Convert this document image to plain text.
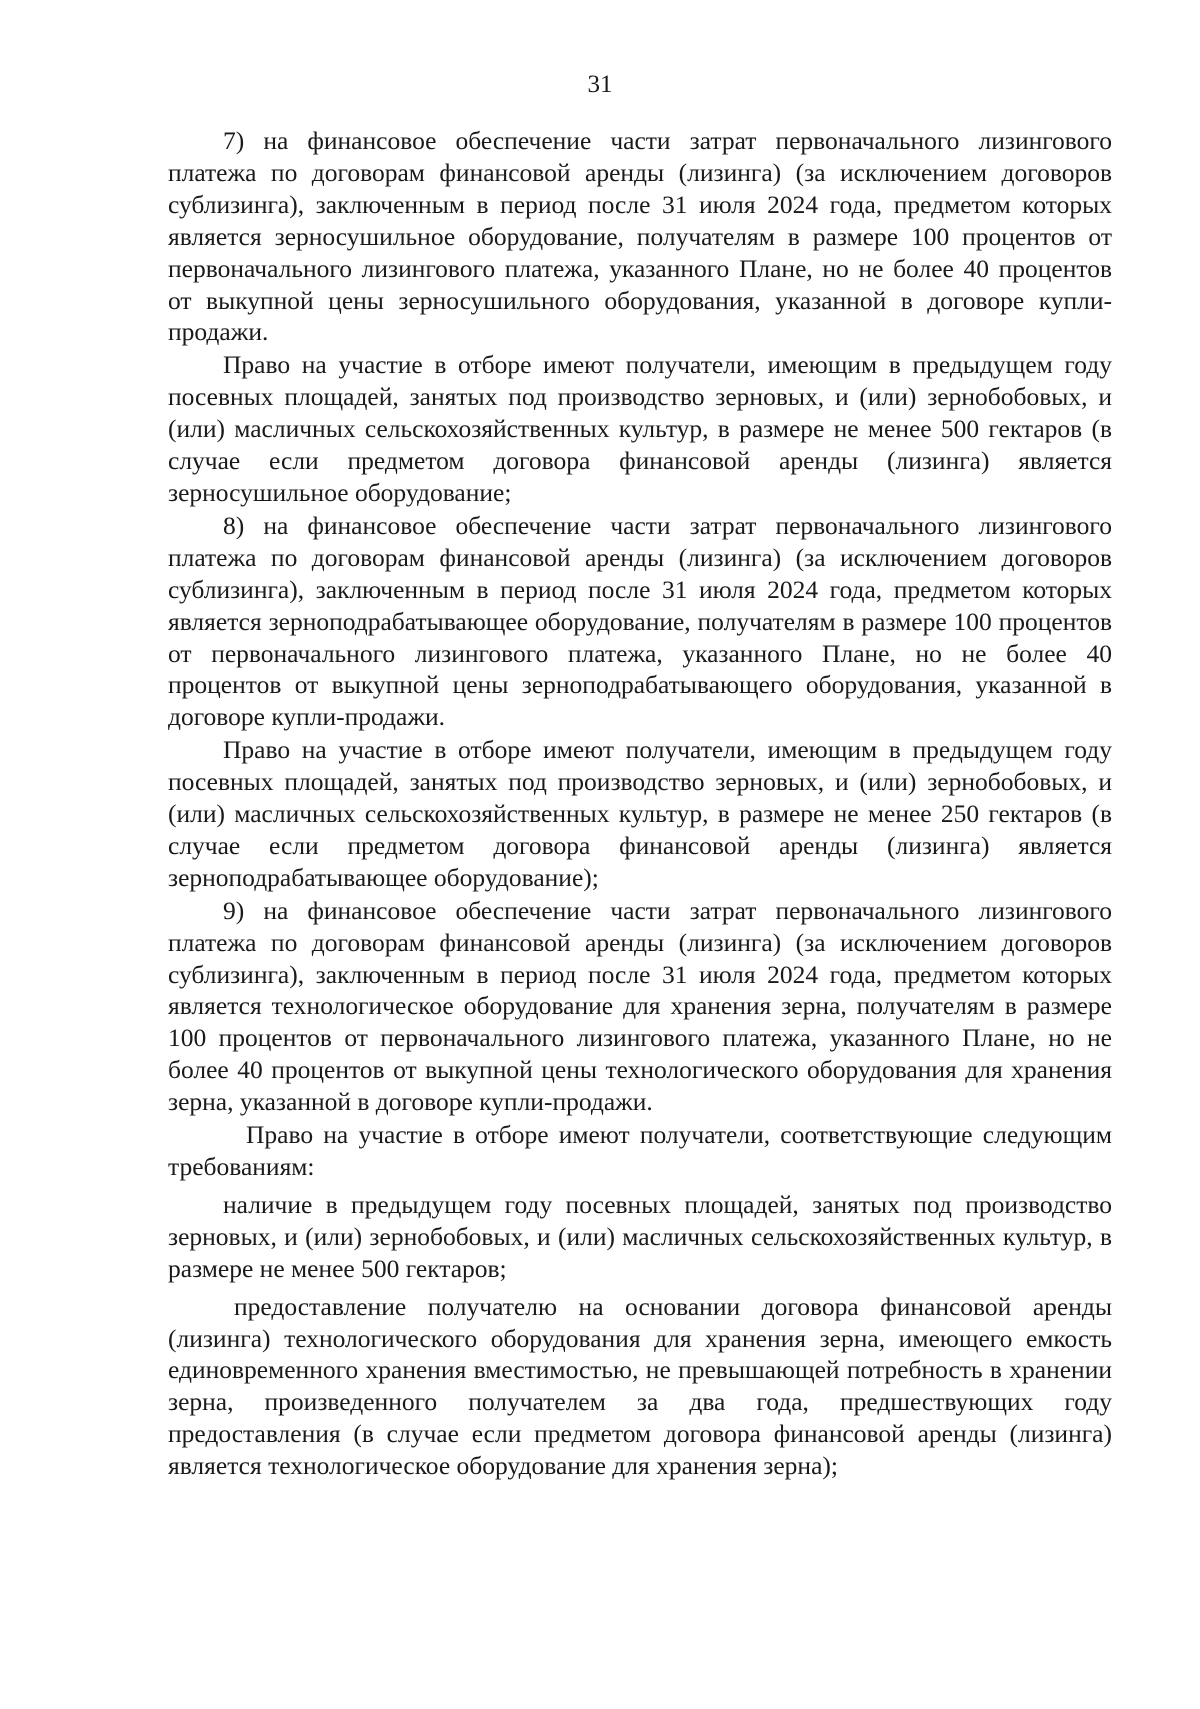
31

7) на финансовое обеспечение части затрат первоначального лизингового платежа по договорам финансовой аренды (лизинга) (за исключением договоров сублизинга), заключенным в период после 31 июля 2024 года, предметом которых является зерносушильное оборудование, получателям в размере 100 процентов от первоначального лизингового платежа, указанного Плане, но не более 40 процентов от выкупной цены зерносушильного оборудования, указанной в договоре купли-продажи.

Право на участие в отборе имеют получатели, имеющим в предыдущем году посевных площадей, занятых под производство зерновых, и (или) зернобобовых, и (или) масличных сельскохозяйственных культур, в размере не менее 500 гектаров (в случае если предметом договора финансовой аренды (лизинга) является зерносушильное оборудование;

8) на финансовое обеспечение части затрат первоначального лизингового платежа по договорам финансовой аренды (лизинга) (за исключением договоров сублизинга), заключенным в период после 31 июля 2024 года, предметом которых является зерноподрабатывающее оборудование, получателям в размере 100 процентов от первоначального лизингового платежа, указанного Плане, но не более 40 процентов от выкупной цены зерноподрабатывающего оборудования, указанной в договоре купли-продажи.

Право на участие в отборе имеют получатели, имеющим в предыдущем году посевных площадей, занятых под производство зерновых, и (или) зернобобовых, и (или) масличных сельскохозяйственных культур, в размере не менее 250 гектаров (в случае если предметом договора финансовой аренды (лизинга) является зерноподрабатывающее оборудование);

9) на финансовое обеспечение части затрат первоначального лизингового платежа по договорам финансовой аренды (лизинга) (за исключением договоров сублизинга), заключенным в период после 31 июля 2024 года, предметом которых является технологическое оборудование для хранения зерна, получателям в размере 100 процентов от первоначального лизингового платежа, указанного Плане, но не более 40 процентов от выкупной цены технологического оборудования для хранения зерна, указанной в договоре купли-продажи.

Право на участие в отборе имеют получатели, соответствующие следующим требованиям:

наличие в предыдущем году посевных площадей, занятых под производство зерновых, и (или) зернобобовых, и (или) масличных сельскохозяйственных культур, в размере не менее 500 гектаров;

предоставление получателю на основании договора финансовой аренды (лизинга) технологического оборудования для хранения зерна, имеющего емкость единовременного хранения вместимостью, не превышающей потребность в хранении зерна, произведенного получателем за два года, предшествующих году предоставления (в случае если предметом договора финансовой аренды (лизинга) является технологическое оборудование для хранения зерна);
